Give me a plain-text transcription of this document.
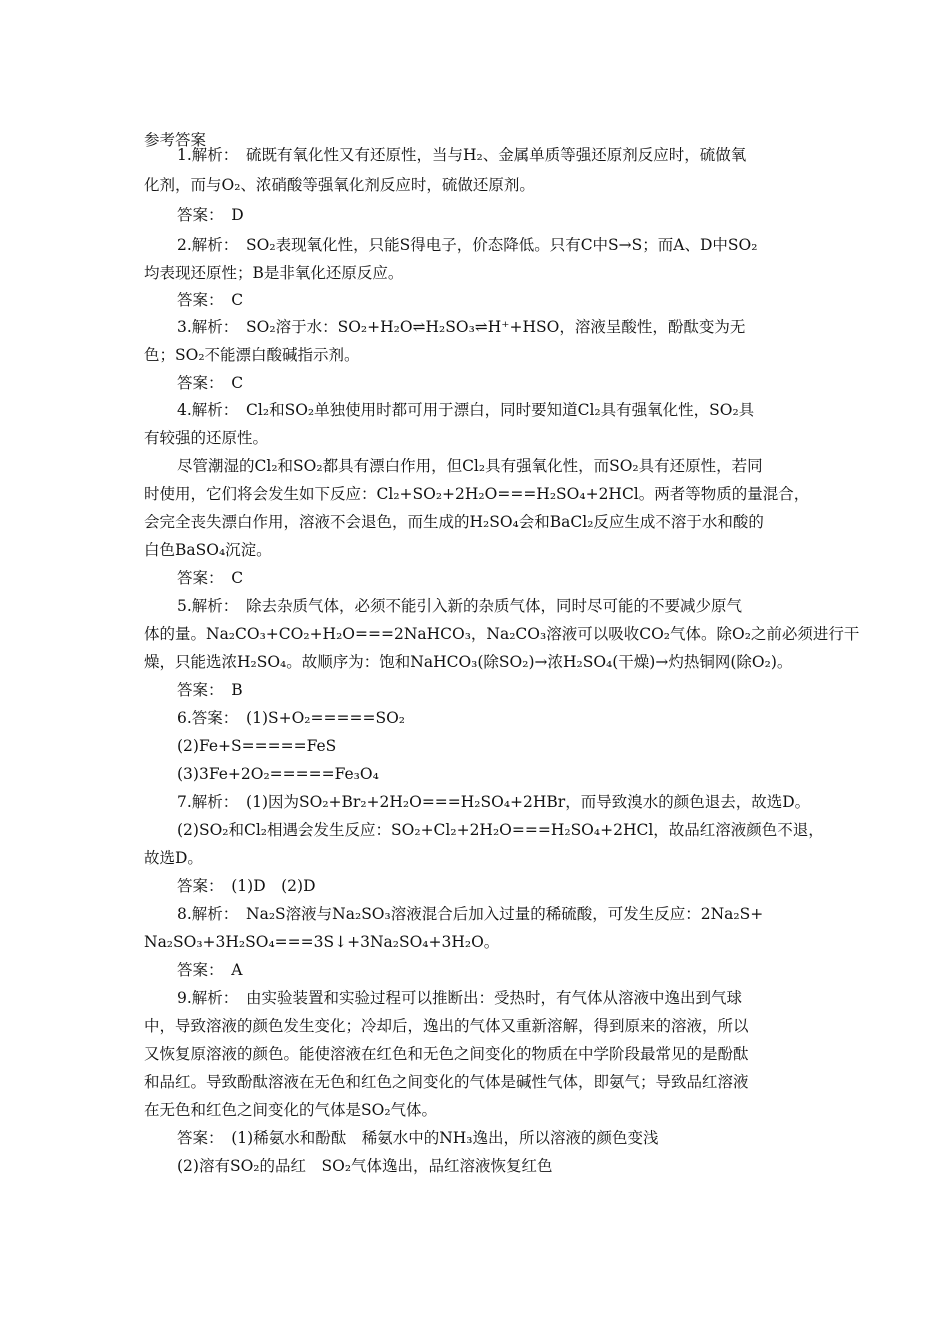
参考答案
1.解析：　硫既有氧化性又有还原性，当与H₂、金属单质等强还原剂反应时，硫做氧
化剂，而与O₂、浓硝酸等强氧化剂反应时，硫做还原剂。
答案：　D
2.解析：　SO₂表现氧化性，只能S得电子，价态降低。只有C中S→S；而A、D中SO₂
均表现还原性；B是非氧化还原反应。
答案：　C
3.解析：　SO₂溶于水：SO₂+H₂O⇌H₂SO₃⇌H⁺+HSO，溶液呈酸性，酚酞变为无
色；SO₂不能漂白酸碱指示剂。
答案：　C
4.解析：　Cl₂和SO₂单独使用时都可用于漂白，同时要知道Cl₂具有强氧化性，SO₂具
有较强的还原性。
尽管潮湿的Cl₂和SO₂都具有漂白作用，但Cl₂具有强氧化性，而SO₂具有还原性，若同
时使用，它们将会发生如下反应：Cl₂+SO₂+2H₂O===H₂SO₄+2HCl。两者等物质的量混合，
会完全丧失漂白作用，溶液不会退色，而生成的H₂SO₄会和BaCl₂反应生成不溶于水和酸的
白色BaSO₄沉淀。
答案：　C
5.解析：　除去杂质气体，必须不能引入新的杂质气体，同时尽可能的不要减少原气
体的量。Na₂CO₃+CO₂+H₂O===2NaHCO₃，Na₂CO₃溶液可以吸收CO₂气体。除O₂之前必须进行干
燥，只能选浓H₂SO₄。故顺序为：饱和NaHCO₃(除SO₂)→浓H₂SO₄(干燥)→灼热铜网(除O₂)。
答案：　B
6.答案：　(1)S+O₂=====SO₂
(2)Fe+S=====FeS
(3)3Fe+2O₂=====Fe₃O₄
7.解析：　(1)因为SO₂+Br₂+2H₂O===H₂SO₄+2HBr，而导致溴水的颜色退去，故选D。
(2)SO₂和Cl₂相遇会发生反应：SO₂+Cl₂+2H₂O===H₂SO₄+2HCl，故品红溶液颜色不退，
故选D。
答案：　(1)D　(2)D
8.解析：　Na₂S溶液与Na₂SO₃溶液混合后加入过量的稀硫酸，可发生反应：2Na₂S+
Na₂SO₃+3H₂SO₄===3S↓+3Na₂SO₄+3H₂O。
答案：　A
9.解析：　由实验装置和实验过程可以推断出：受热时，有气体从溶液中逸出到气球
中，导致溶液的颜色发生变化；冷却后，逸出的气体又重新溶解，得到原来的溶液，所以
又恢复原溶液的颜色。能使溶液在红色和无色之间变化的物质在中学阶段最常见的是酚酞
和品红。导致酚酞溶液在无色和红色之间变化的气体是碱性气体，即氨气；导致品红溶液
在无色和红色之间变化的气体是SO₂气体。
答案：　(1)稀氨水和酚酞　稀氨水中的NH₃逸出，所以溶液的颜色变浅
(2)溶有SO₂的品红　SO₂气体逸出，品红溶液恢复红色
